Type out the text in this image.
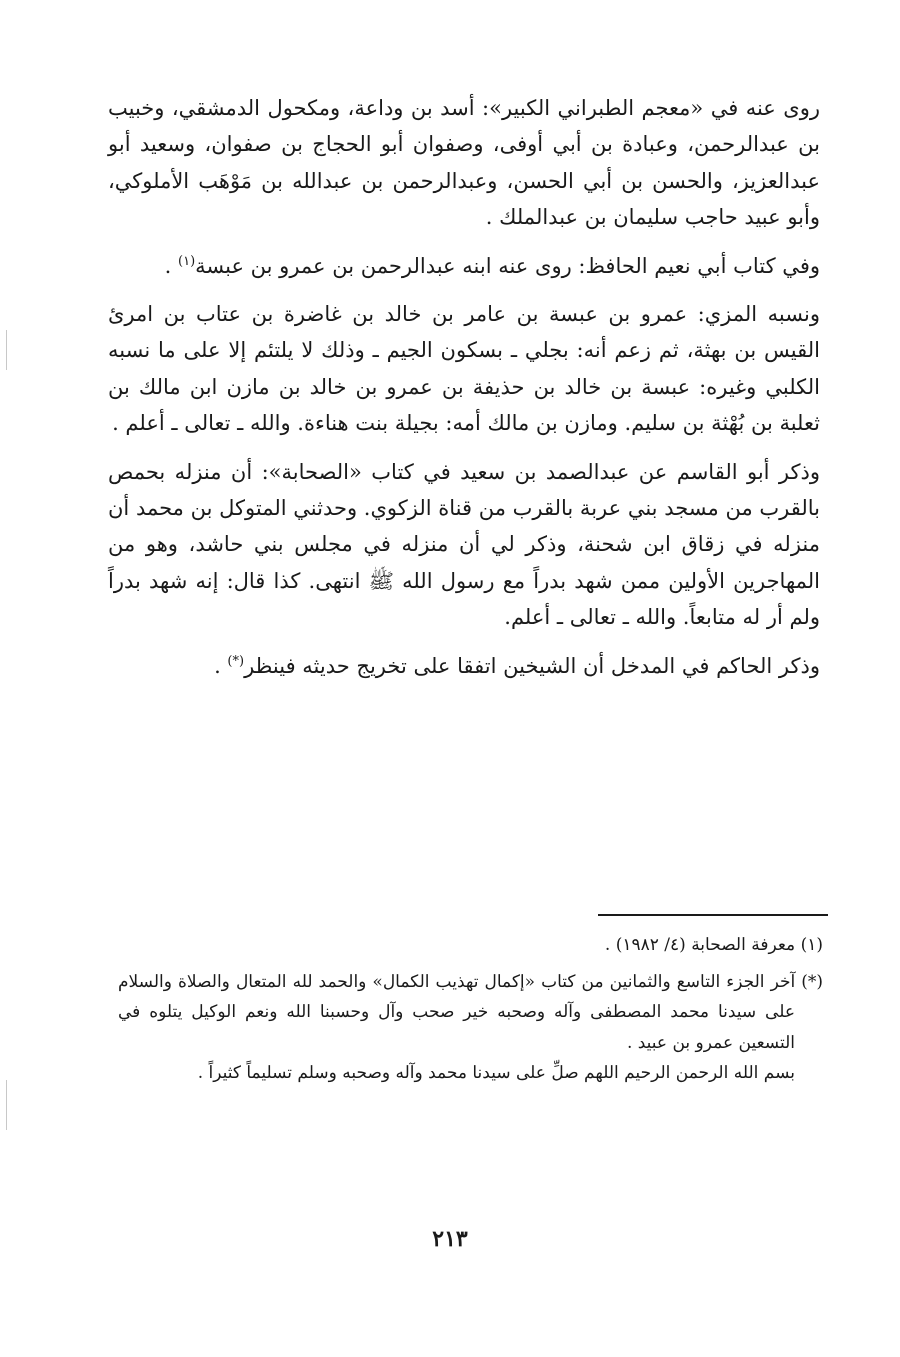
روى عنه في «معجم الطبراني الكبير»: أسد بن وداعة، ومكحول الدمشقي، وخبيب بن عبدالرحمن، وعبادة بن أبي أوفى، وصفوان أبو الحجاج بن صفوان، وسعيد أبو عبدالعزيز، والحسن بن أبي الحسن، وعبدالرحمن بن عبدالله بن مَوْهَب الأملوكي، وأبو عبيد حاجب سليمان بن عبدالملك .

وفي كتاب أبي نعيم الحافظ: روى عنه ابنه عبدالرحمن بن عمرو بن عبسة$^{(١)}$ .

ونسبه المزي: عمرو بن عبسة بن عامر بن خالد بن غاضرة بن عتاب بن امرئ القيس بن بهثة، ثم زعم أنه: بجلي ـ بسكون الجيم ـ وذلك لا يلتئم إلا على ما نسبه الكلبي وغيره: عبسة بن خالد بن حذيفة بن عمرو بن خالد بن مازن ابن مالك بن ثعلبة بن بُهْثة بن سليم. ومازن بن مالك أمه: بجيلة بنت هناءة. والله ـ تعالى ـ أعلم .

وذكر أبو القاسم عن عبدالصمد بن سعيد في كتاب «الصحابة»: أن منزله بحمص بالقرب من مسجد بني عربة بالقرب من قناة الزكوي. وحدثني المتوكل بن محمد أن منزله في زقاق ابن شحنة، وذكر لي أن منزله في مجلس بني حاشد، وهو من المهاجرين الأولين ممن شهد بدراً مع رسول الله ﷺ انتهى. كذا قال: إنه شهد بدراً ولم أر له متابعاً. والله ـ تعالى ـ أعلم.

وذكر الحاكم في المدخل أن الشيخين اتفقا على تخريج حديثه فينظر(*) .

(١) معرفة الصحابة (٤/ ١٩٨٢) .

(*) آخر الجزء التاسع والثمانين من كتاب «إكمال تهذيب الكمال» والحمد لله المتعال والصلاة والسلام على سيدنا محمد المصطفى وآله وصحبه خير صحب وآل وحسبنا الله ونعم الوكيل يتلوه في التسعين عمرو بن عبيد .

بسم الله الرحمن الرحيم اللهم صلِّ على سيدنا محمد وآله وصحبه وسلم تسليماً كثيراً .

٢١٣
